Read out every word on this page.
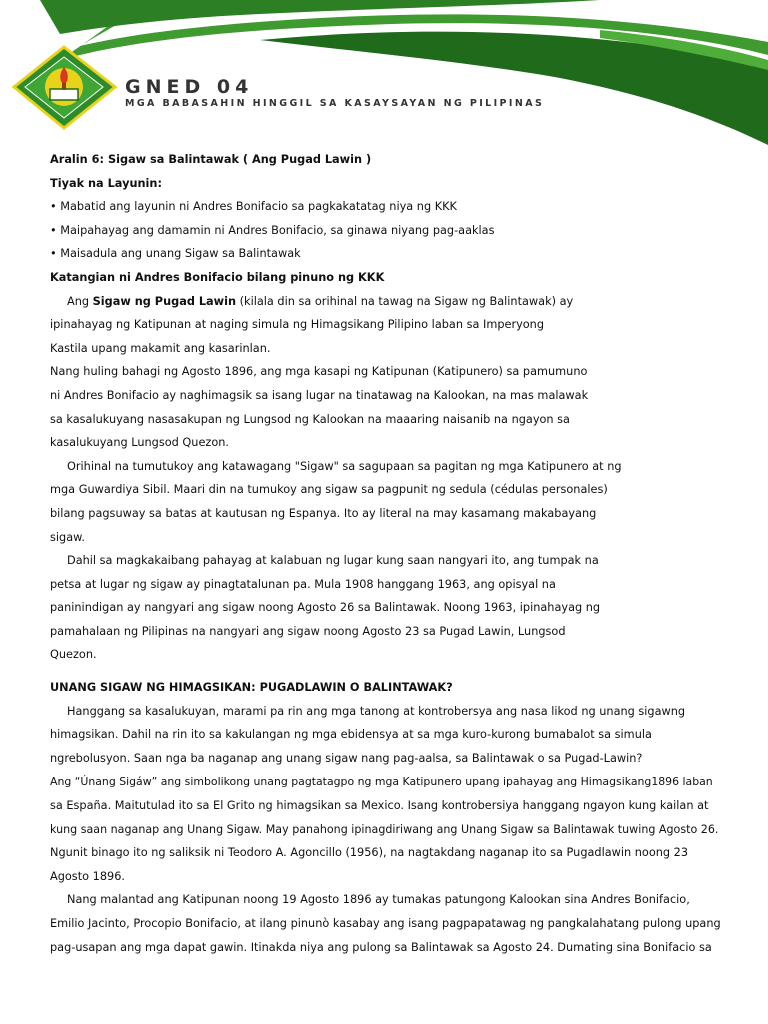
GNED 04
MGA BABASAHIN HINGGIL SA KASAYSAYAN NG PILIPINAS
Aralin 6: Sigaw sa Balintawak ( Ang Pugad Lawin )
Tiyak na Layunin:
• Mabatid ang layunin ni Andres Bonifacio sa pagkakatatag niya ng KKK
• Maipahayag ang damamin ni Andres Bonifacio, sa ginawa niyang pag-aaklas
• Maisadula ang unang Sigaw sa Balintawak
Katangian ni Andres Bonifacio bilang pinuno ng KKK
Ang Sigaw ng Pugad Lawin (kilala din sa orihinal na tawag na Sigaw ng Balintawak) ay
ipinahayag ng Katipunan at naging simula ng Himagsikang Pilipino laban sa Imperyong
Kastila upang makamit ang kasarinlan.
Nang huling bahagi ng Agosto 1896, ang mga kasapi ng Katipunan (Katipunero) sa pamumuno
ni Andres Bonifacio ay naghimagsik sa isang lugar na tinatawag na Kalookan, na mas malawak
sa kasalukuyang nasasakupan ng Lungsod ng Kalookan na maaaring naisanib na ngayon sa
kasalukuyang Lungsod Quezon.
Orihinal na tumutukoy ang katawagang "Sigaw" sa sagupaan sa pagitan ng mga Katipunero at ng
mga Guwardiya Sibil. Maari din na tumukoy ang sigaw sa pagpunit ng sedula (cédulas personales)
bilang pagsuway sa batas at kautusan ng Espanya. Ito ay literal na may kasamang makabayang
sigaw.
Dahil sa magkakaibang pahayag at kalabuan ng lugar kung saan nangyari ito, ang tumpak na
petsa at lugar ng sigaw ay pinagtatalunan pa. Mula 1908 hanggang 1963, ang opisyal na
paninindigan ay nangyari ang sigaw noong Agosto 26 sa Balintawak. Noong 1963, ipinahayag ng
pamahalaan ng Pilipinas na nangyari ang sigaw noong Agosto 23 sa Pugad Lawin, Lungsod
Quezon.
UNANG SIGAW NG HIMAGSIKAN: PUGADLAWIN O BALINTAWAK?
Hanggang sa kasalukuyan, marami pa rin ang mga tanong at kontrobersya ang nasa likod ng unang sigawng
himagsikan. Dahil na rin ito sa kakulangan ng mga ebidensya at sa mga kuro-kurong bumabalot sa simula
ngrebolusyon. Saan nga ba naganap ang unang sigaw nang pag-aalsa, sa Balintawak o sa Pugad-Lawin?
Ang “Únang Sigáw” ang simbolikong unang pagtatagpo ng mga Katipunero upang ipahayag ang Himagsikang1896 laban
sa España. Maitutulad ito sa El Grito ng himagsikan sa Mexico. Isang kontrobersiya hanggang ngayon kung kailan at
kung saan naganap ang Unang Sigaw. May panahong ipinagdiriwang ang Unang Sigaw sa Balintawak tuwing Agosto 26.
Ngunit binago ito ng saliksik ni Teodoro A. Agoncillo (1956), na nagtakdang naganap ito sa Pugadlawin noong 23
Agosto 1896.
Nang malantad ang Katipunan noong 19 Agosto 1896 ay tumakas patungong Kalookan sina Andres Bonifacio,
Emilio Jacinto, Procopio Bonifacio, at ilang pinunò kasabay ang isang pagpapatawag ng pangkalahatang pulong upang
pag-usapan ang mga dapat gawin. Itinakda niya ang pulong sa Balintawak sa Agosto 24. Dumating sina Bonifacio sa
